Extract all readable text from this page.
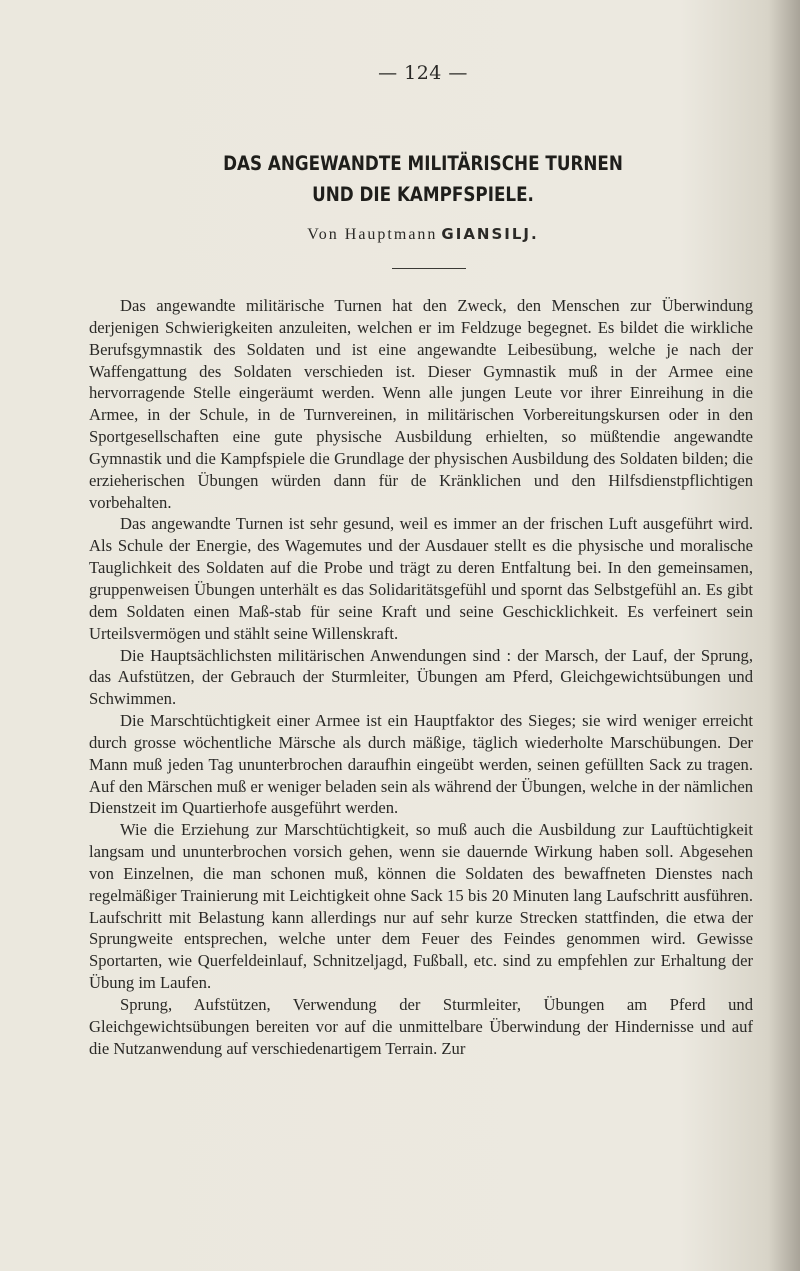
— 124 —
DAS ANGEWANDTE MILITÄRISCHE TURNEN
UND DIE KAMPFSPIELE.
Von Hauptmann GIANSILJ.

Das angewandte militärische Turnen hat den Zweck, den Menschen zur Überwindung derjenigen Schwierigkeiten anzuleiten, welchen er im Feldzuge begegnet. Es bildet die wirkliche Berufsgymnastik des Soldaten und ist eine angewandte Leibesübung, welche je nach der Waffengattung des Soldaten verschieden ist. Dieser Gymnastik muß in der Armee eine hervorragende Stelle eingeräumt werden. Wenn alle jungen Leute vor ihrer Einreihung in die Armee, in der Schule, in de Turnvereinen, in militärischen Vorbereitungskursen oder in den Sportgesellschaften eine gute physische Ausbildung erhielten, so müßtendie angewandte Gymnastik und die Kampfspiele die Grundlage der physischen Ausbildung des Soldaten bilden; die erzieherischen Übungen würden dann für de Kränklichen und den Hilfsdienstpflichtigen vorbehalten.

Das angewandte Turnen ist sehr gesund, weil es immer an der frischen Luft ausgeführt wird. Als Schule der Energie, des Wagemutes und der Ausdauer stellt es die physische und moralische Tauglichkeit des Soldaten auf die Probe und trägt zu deren Entfaltung bei. In den gemeinsamen, gruppenweisen Übungen unterhält es das Solidaritätsgefühl und spornt das Selbstgefühl an. Es gibt dem Soldaten einen Maß-stab für seine Kraft und seine Geschicklichkeit. Es verfeinert sein Urteilsvermögen und stählt seine Willenskraft.

Die Hauptsächlichsten militärischen Anwendungen sind : der Marsch, der Lauf, der Sprung, das Aufstützen, der Gebrauch der Sturmleiter, Übungen am Pferd, Gleichgewichtsübungen und Schwimmen.

Die Marschtüchtigkeit einer Armee ist ein Hauptfaktor des Sieges; sie wird weniger erreicht durch grosse wöchentliche Märsche als durch mäßige, täglich wiederholte Marschübungen. Der Mann muß jeden Tag ununterbrochen daraufhin eingeübt werden, seinen gefüllten Sack zu tragen. Auf den Märschen muß er weniger beladen sein als während der Übungen, welche in der nämlichen Dienstzeit im Quartierhofe ausgeführt werden.

Wie die Erziehung zur Marschtüchtigkeit, so muß auch die Ausbildung zur Lauftüchtigkeit langsam und ununterbrochen vorsich gehen, wenn sie dauernde Wirkung haben soll. Abgesehen von Einzelnen, die man schonen muß, können die Soldaten des bewaffneten Dienstes nach regelmäßiger Trainierung mit Leichtigkeit ohne Sack 15 bis 20 Minuten lang Laufschritt ausführen. Laufschritt mit Belastung kann allerdings nur auf sehr kurze Strecken stattfinden, die etwa der Sprungweite entsprechen, welche unter dem Feuer des Feindes genommen wird. Gewisse Sportarten, wie Querfeldeinlauf, Schnitzeljagd, Fußball, etc. sind zu empfehlen zur Erhaltung der Übung im Laufen.

Sprung, Aufstützen, Verwendung der Sturmleiter, Übungen am Pferd und Gleichgewichtsübungen bereiten vor auf die unmittelbare Überwindung der Hindernisse und auf die Nutzanwendung auf verschiedenartigem Terrain. Zur
